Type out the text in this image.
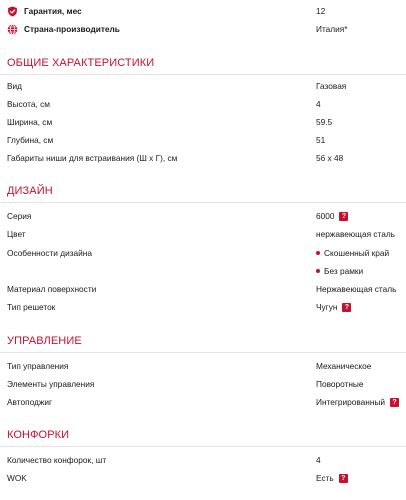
Гарантия, мес	12
Страна-производитель	Италия*
ОБЩИЕ ХАРАКТЕРИСТИКИ
Вид	Газовая
Высота, см	4
Ширина, см	59.5
Глубина, см	51
Габариты ниши для встраивания (Ш х Г), см	56 x 48
ДИЗАЙН
Серия	6000	?
Цвет	нержавеющая сталь
Особенности дизайна	Скошенный край
Без рамки
Материал поверхности	Нержавеющая сталь
Тип решеток	Чугун	?
УПРАВЛЕНИЕ
Тип управления	Механическое
Элементы управления	Поворотные
Автоподжиг	Интегрированный	?
КОНФОРКИ
Количество конфорок, шт	4
WOK	Есть	?
